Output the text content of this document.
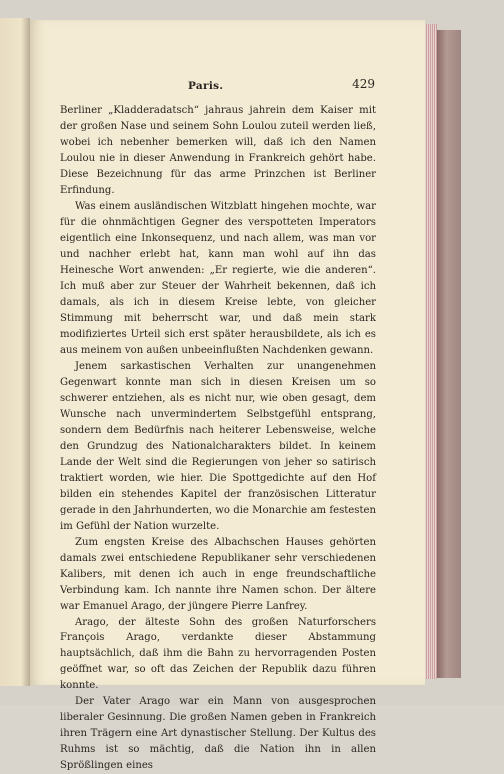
Paris.	429

Berliner „Kladderadatsch“ jahraus jahrein dem Kaiser mit der großen Nase und seinem Sohn Loulou zuteil werden ließ, wobei ich nebenher bemerken will, daß ich den Namen Loulou nie in dieser Anwendung in Frankreich gehört habe. Diese Bezeichnung für das arme Prinzchen ist Berliner Erfindung.

Was einem ausländischen Witzblatt hingehen mochte, war für die ohnmächtigen Gegner des verspotteten Imperators eigentlich eine Inkonsequenz, und nach allem, was man vor und nachher erlebt hat, kann man wohl auf ihn das Heinesche Wort anwenden: „Er regierte, wie die anderen“. Ich muß aber zur Steuer der Wahrheit bekennen, daß ich damals, als ich in diesem Kreise lebte, von gleicher Stimmung mit beherrscht war, und daß mein stark modifiziertes Urteil sich erst später herausbildete, als ich es aus meinem von außen unbeeinflußten Nachdenken gewann.

Jenem sarkastischen Verhalten zur unangenehmen Gegenwart konnte man sich in diesen Kreisen um so schwerer entziehen, als es nicht nur, wie oben gesagt, dem Wunsche nach unvermindertem Selbstgefühl entsprang, sondern dem Bedürfnis nach heiterer Lebensweise, welche den Grundzug des Nationalcharakters bildet. In keinem Lande der Welt sind die Regierungen von jeher so satirisch traktiert worden, wie hier. Die Spottgedichte auf den Hof bilden ein stehendes Kapitel der französischen Litteratur gerade in den Jahrhunderten, wo die Monarchie am festesten im Gefühl der Nation wurzelte.

Zum engsten Kreise des Albachschen Hauses gehörten damals zwei entschiedene Republikaner sehr verschiedenen Kalibers, mit denen ich auch in enge freundschaftliche Verbindung kam. Ich nannte ihre Namen schon. Der ältere war Emanuel Arago, der jüngere Pierre Lanfrey.

Arago, der älteste Sohn des großen Naturforschers François Arago, verdankte dieser Abstammung hauptsächlich, daß ihm die Bahn zu hervorragenden Posten geöffnet war, so oft das Zeichen der Republik dazu führen konnte.

Der Vater Arago war ein Mann von ausgesprochen liberaler Gesinnung. Die großen Namen geben in Frankreich ihren Trägern eine Art dynastischer Stellung. Der Kultus des Ruhms ist so mächtig, daß die Nation ihn in allen Sprößlingen eines
